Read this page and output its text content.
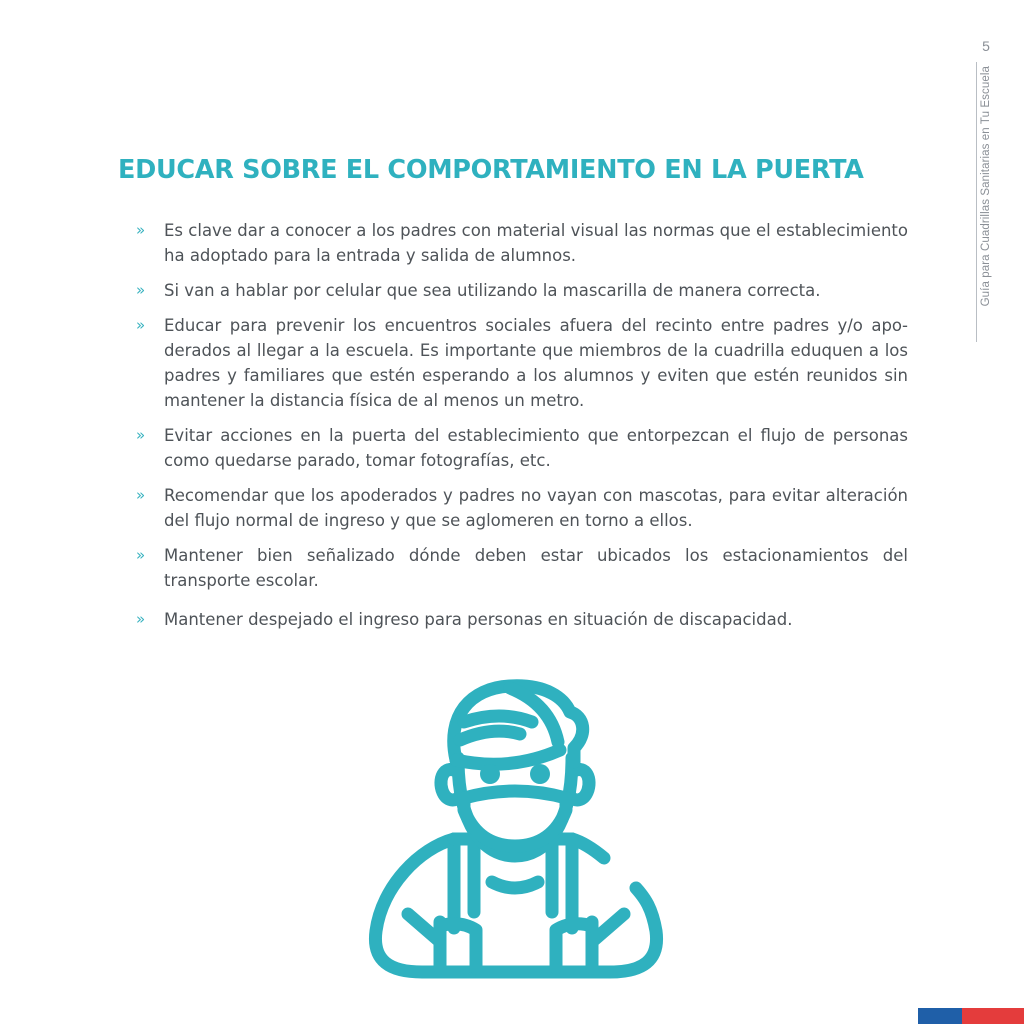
5
Guía para Cuadrillas Sanitarias en Tu Escuela
EDUCAR SOBRE EL COMPORTAMIENTO EN LA PUERTA
» Es clave dar a conocer a los padres con material visual las normas que el establecimiento ha adoptado para la entrada y salida de alumnos.
» Si van a hablar por celular que sea utilizando la mascarilla de manera correcta.
» Educar para prevenir los encuentros sociales afuera del recinto entre padres y/o apoderados al llegar a la escuela. Es importante que miembros de la cuadrilla eduquen a los padres y familiares que estén esperando a los alumnos y eviten que estén reunidos sin mantener la distancia física de al menos un metro.
» Evitar acciones en la puerta del establecimiento que entorpezcan el flujo de personas como quedarse parado, tomar fotografías, etc.
» Recomendar que los apoderados y padres no vayan con mascotas, para evitar alteración del flujo normal de ingreso y que se aglomeren en torno a ellos.
» Mantener bien señalizado dónde deben estar ubicados los estacionamientos del transporte escolar.
» Mantener despejado el ingreso para personas en situación de discapacidad.
